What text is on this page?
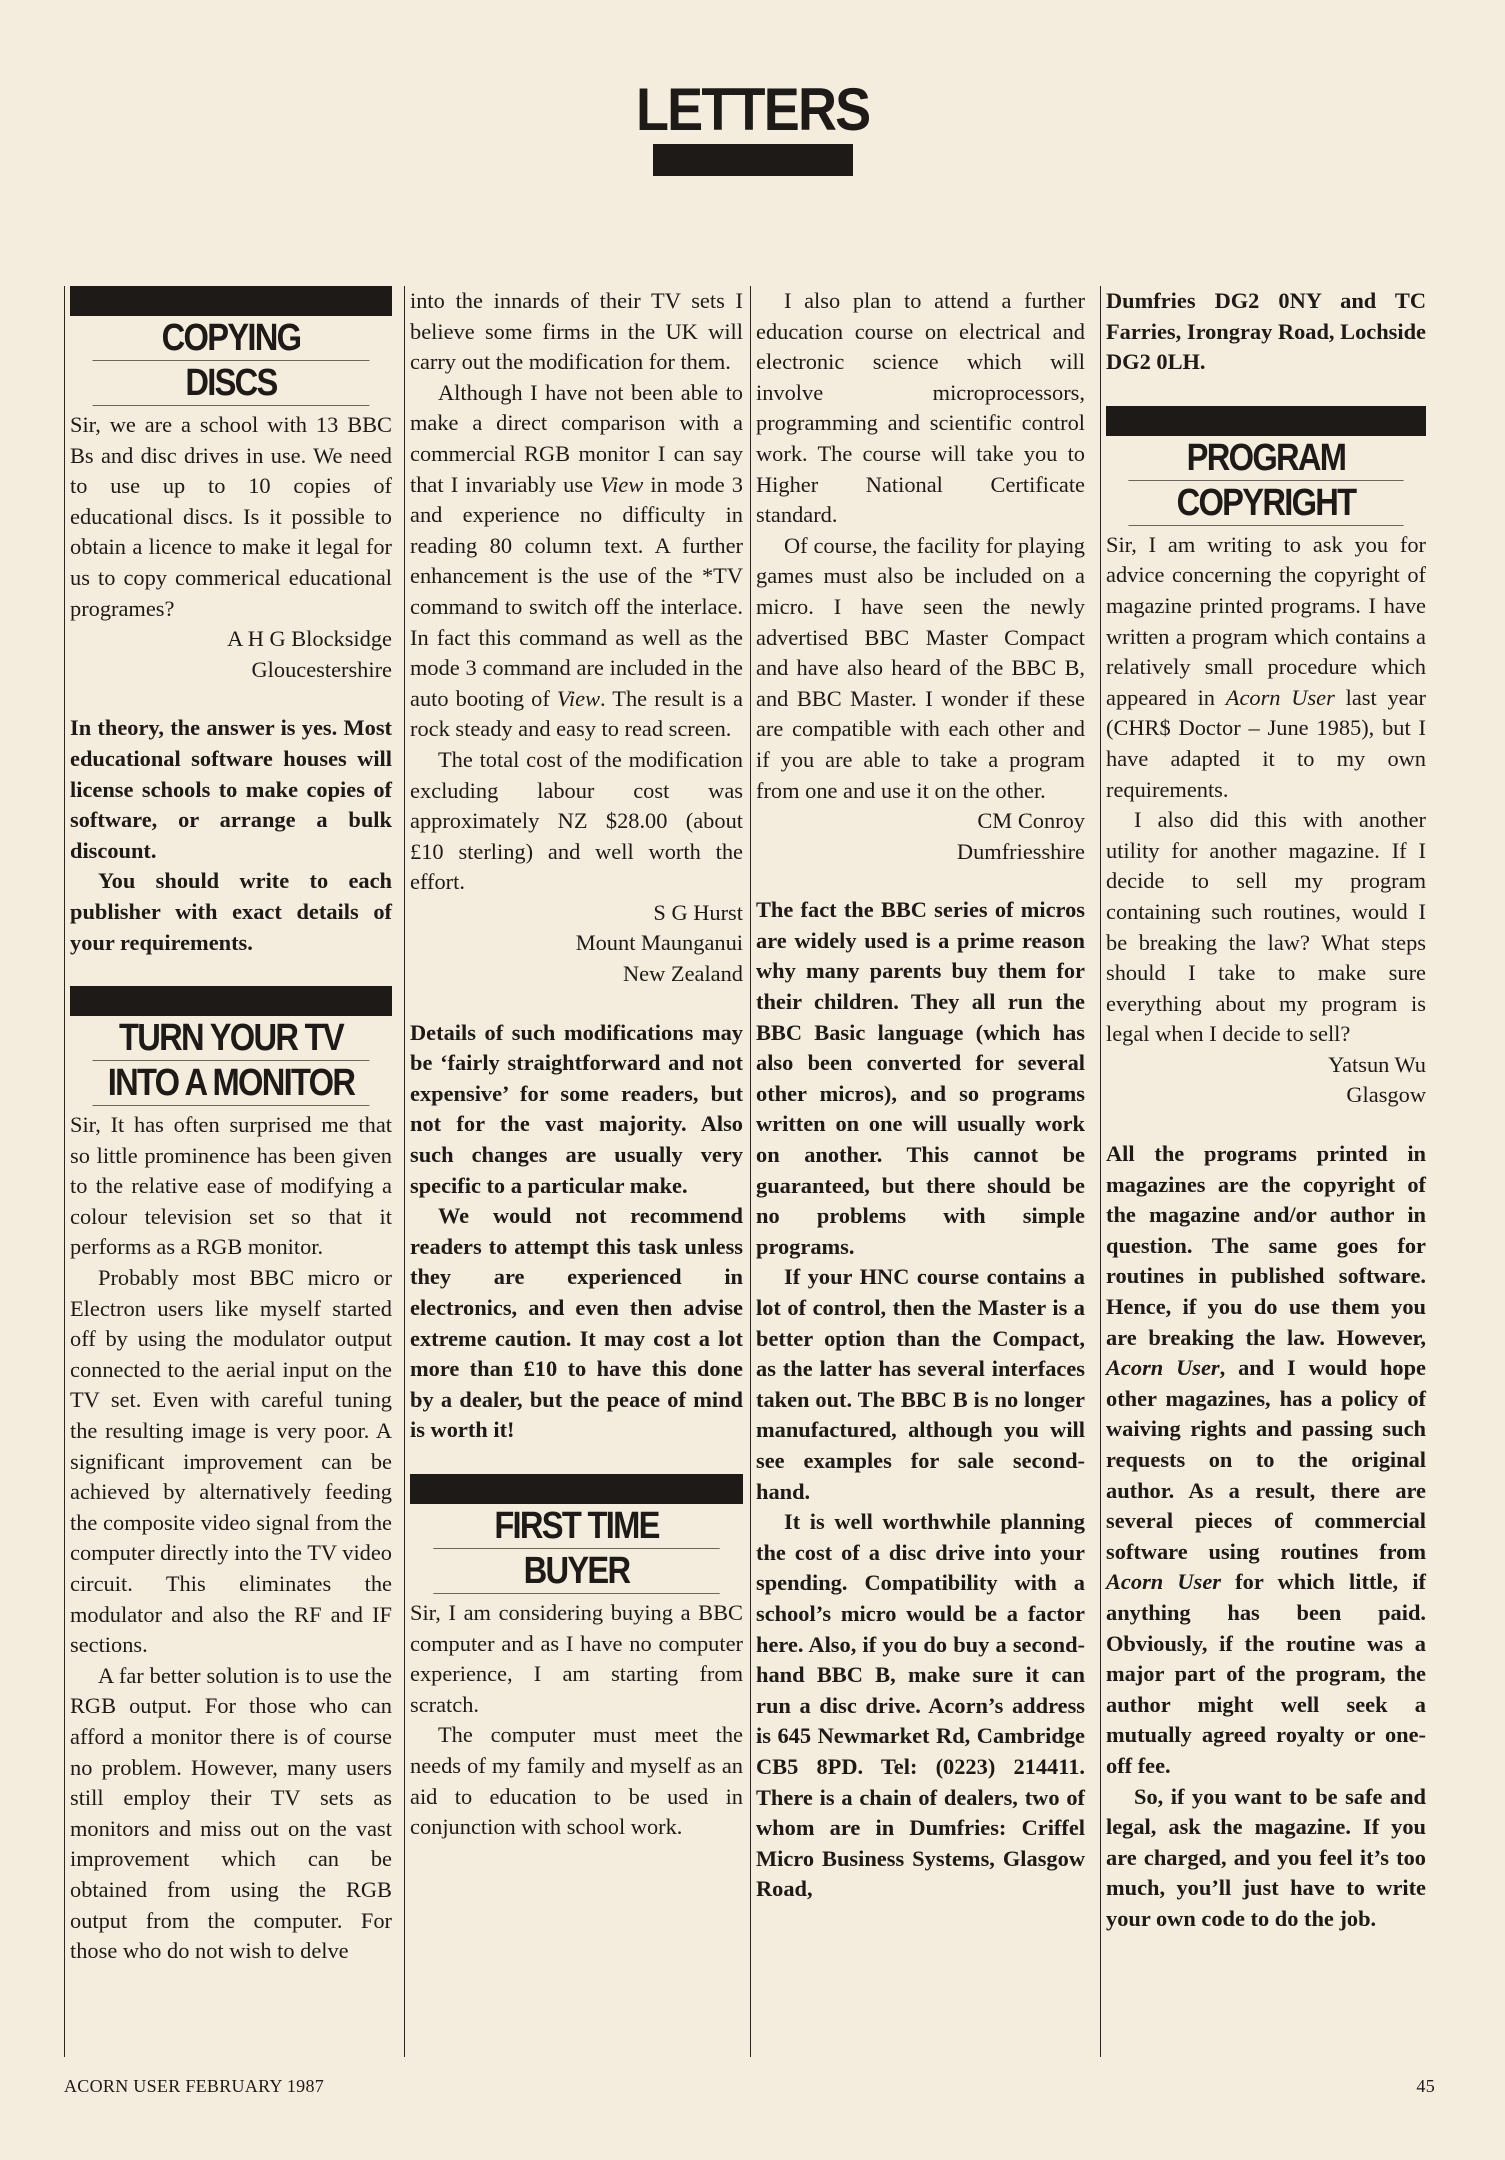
LETTERS
COPYING
DISCS

Sir, we are a school with 13 BBC Bs and disc drives in use. We need to use up to 10 copies of educational discs. Is it possible to obtain a licence to make it legal for us to copy commerical educational programes?

A H G Blocksidge

Gloucestershire

In theory, the answer is yes. Most educational software houses will license schools to make copies of software, or arrange a bulk discount.

You should write to each publisher with exact details of your requirements.

TURN YOUR TV
INTO A MONITOR

Sir, It has often surprised me that so little prominence has been given to the relative ease of modifying a colour television set so that it performs as a RGB monitor.

Probably most BBC micro or Electron users like myself started off by using the modulator output connected to the aerial input on the TV set. Even with careful tuning the resulting image is very poor. A significant improvement can be achieved by alternatively feeding the composite video signal from the computer directly into the TV video circuit. This eliminates the modulator and also the RF and IF sections.

A far better solution is to use the RGB output. For those who can afford a monitor there is of course no problem. However, many users still employ their TV sets as monitors and miss out on the vast improvement which can be obtained from using the RGB output from the computer. For those who do not wish to delve

into the innards of their TV sets I believe some firms in the UK will carry out the modification for them.

Although I have not been able to make a direct comparison with a commercial RGB monitor I can say that I invariably use View in mode 3 and experience no difficulty in reading 80 column text. A further enhancement is the use of the *TV command to switch off the interlace. In fact this command as well as the mode 3 command are included in the auto booting of View. The result is a rock steady and easy to read screen.

The total cost of the modification excluding labour cost was approximately NZ $28.00 (about £10 sterling) and well worth the effort.

S G Hurst

Mount Maunganui

New Zealand

Details of such modifications may be ‘fairly straightforward and not expensive’ for some readers, but not for the vast majority. Also such changes are usually very specific to a particular make.

We would not recommend readers to attempt this task unless they are experienced in electronics, and even then advise extreme caution. It may cost a lot more than £10 to have this done by a dealer, but the peace of mind is worth it!

FIRST TIME
BUYER

Sir, I am considering buying a BBC computer and as I have no computer experience, I am starting from scratch.

The computer must meet the needs of my family and myself as an aid to education to be used in conjunction with school work.

I also plan to attend a further education course on electrical and electronic science which will involve microprocessors, programming and scientific control work. The course will take you to Higher National Certificate standard.

Of course, the facility for playing games must also be included on a micro. I have seen the newly advertised BBC Master Compact and have also heard of the BBC B, and BBC Master. I wonder if these are compatible with each other and if you are able to take a program from one and use it on the other.

CM Conroy

Dumfriesshire

The fact the BBC series of micros are widely used is a prime reason why many parents buy them for their children. They all run the BBC Basic language (which has also been converted for several other micros), and so programs written on one will usually work on another. This cannot be guaranteed, but there should be no problems with simple programs.

If your HNC course contains a lot of control, then the Master is a better option than the Compact, as the latter has several interfaces taken out. The BBC B is no longer manufactured, although you will see examples for sale second-hand.

It is well worthwhile planning the cost of a disc drive into your spending. Compatibility with a school’s micro would be a factor here. Also, if you do buy a second-hand BBC B, make sure it can run a disc drive. Acorn’s address is 645 Newmarket Rd, Cambridge CB5 8PD. Tel: (0223) 214411. There is a chain of dealers, two of whom are in Dumfries: Criffel Micro Business Systems, Glasgow Road,

Dumfries DG2 0NY and TC Farries, Irongray Road, Lochside DG2 0LH.

PROGRAM
COPYRIGHT

Sir, I am writing to ask you for advice concerning the copyright of magazine printed programs. I have written a program which contains a relatively small procedure which appeared in Acorn User last year (CHR$ Doctor – June 1985), but I have adapted it to my own requirements.

I also did this with another utility for another magazine. If I decide to sell my program containing such routines, would I be breaking the law? What steps should I take to make sure everything about my program is legal when I decide to sell?

Yatsun Wu

Glasgow

All the programs printed in magazines are the copyright of the magazine and/or author in question. The same goes for routines in published software. Hence, if you do use them you are breaking the law. However, Acorn User, and I would hope other magazines, has a policy of waiving rights and passing such requests on to the original author. As a result, there are several pieces of commercial software using routines from Acorn User for which little, if anything has been paid. Obviously, if the routine was a major part of the program, the author might well seek a mutually agreed royalty or one-off fee.

So, if you want to be safe and legal, ask the magazine. If you are charged, and you feel it’s too much, you’ll just have to write your own code to do the job.

ACORN USER FEBRUARY 1987	45
